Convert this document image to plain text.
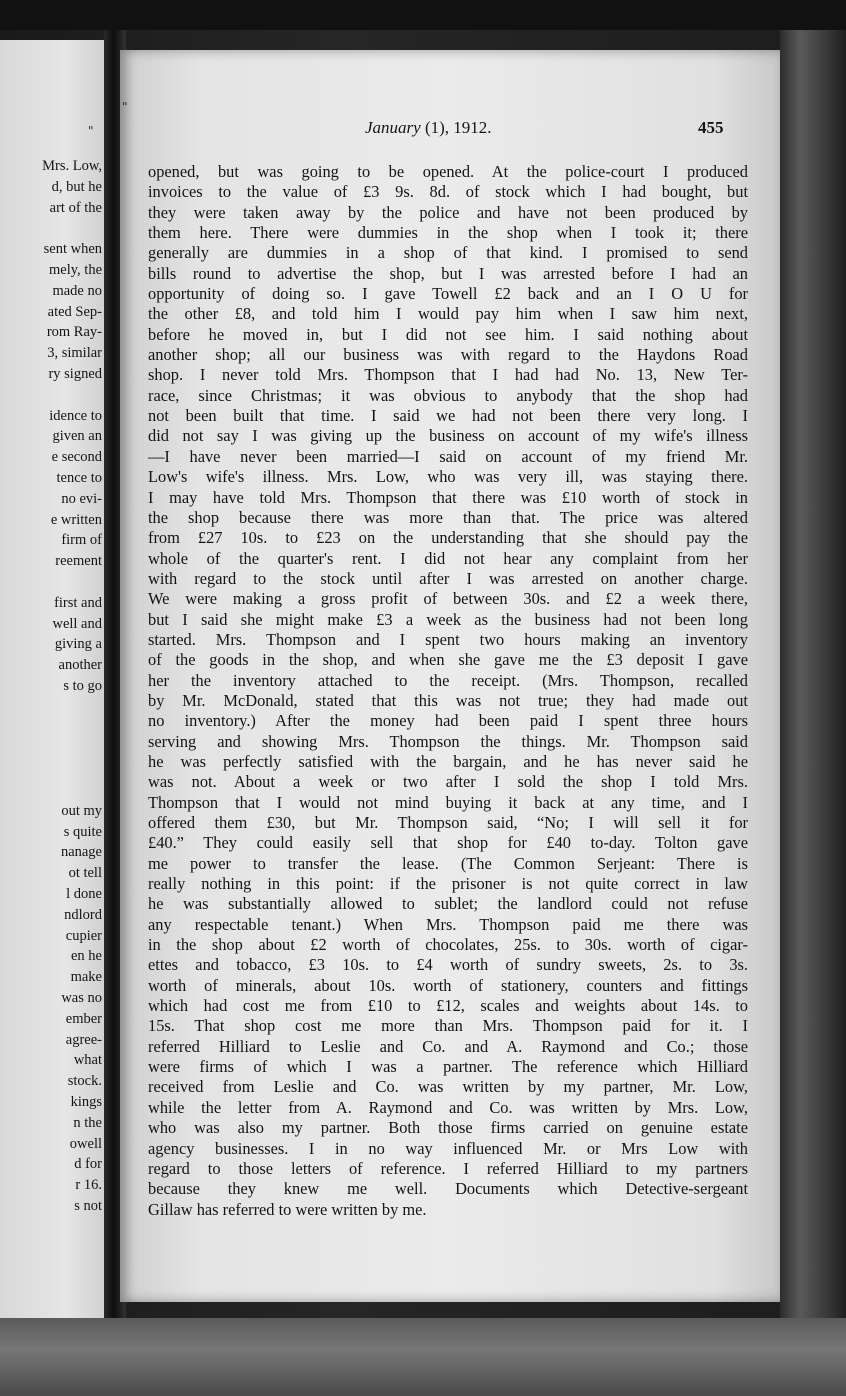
Mrs. Low,
d, but he
art of the
sent when
mely, the
made no
ated Sep-
rom Ray-
3, similar
ry signed
idence to
given an
e second
tence to
no evi-
e written
firm of
reement
first and
well and
giving a
another
s to go
out my
s quite
nanage
ot tell
l done
ndlord
cupier
en he
make
was no
ember
agree-
what
stock.
kings
n the
owell
d for
r 16.
s not
January (1), 1912.	455
opened, but was going to be opened. At the police-court I produced
invoices to the value of £3 9s. 8d. of stock which I had bought, but
they were taken away by the police and have not been produced by
them here. There were dummies in the shop when I took it; there
generally are dummies in a shop of that kind. I promised to send
bills round to advertise the shop, but I was arrested before I had an
opportunity of doing so. I gave Towell £2 back and an I O U for
the other £8, and told him I would pay him when I saw him next,
before he moved in, but I did not see him. I said nothing about
another shop; all our business was with regard to the Haydons Road
shop. I never told Mrs. Thompson that I had had No. 13, New Ter-
race, since Christmas; it was obvious to anybody that the shop had
not been built that time. I said we had not been there very long. I
did not say I was giving up the business on account of my wife's illness
—I have never been married—I said on account of my friend Mr.
Low's wife's illness. Mrs. Low, who was very ill, was staying there.
I may have told Mrs. Thompson that there was £10 worth of stock in
the shop because there was more than that. The price was altered
from £27 10s. to £23 on the understanding that she should pay the
whole of the quarter's rent. I did not hear any complaint from her
with regard to the stock until after I was arrested on another charge.
We were making a gross profit of between 30s. and £2 a week there,
but I said she might make £3 a week as the business had not been long
started. Mrs. Thompson and I spent two hours making an inventory
of the goods in the shop, and when she gave me the £3 deposit I gave
her the inventory attached to the receipt. (Mrs. Thompson, recalled
by Mr. McDonald, stated that this was not true; they had made out
no inventory.) After the money had been paid I spent three hours
serving and showing Mrs. Thompson the things. Mr. Thompson said
he was perfectly satisfied with the bargain, and he has never said he
was not. About a week or two after I sold the shop I told Mrs.
Thompson that I would not mind buying it back at any time, and I
offered them £30, but Mr. Thompson said, “No; I will sell it for
£40.” They could easily sell that shop for £40 to-day. Tolton gave
me power to transfer the lease. (The Common Serjeant: There is
really nothing in this point: if the prisoner is not quite correct in law
he was substantially allowed to sublet; the landlord could not refuse
any respectable tenant.) When Mrs. Thompson paid me there was
in the shop about £2 worth of chocolates, 25s. to 30s. worth of cigar-
ettes and tobacco, £3 10s. to £4 worth of sundry sweets, 2s. to 3s.
worth of minerals, about 10s. worth of stationery, counters and fittings
which had cost me from £10 to £12, scales and weights about 14s. to
15s. That shop cost me more than Mrs. Thompson paid for it. I
referred Hilliard to Leslie and Co. and A. Raymond and Co.; those
were firms of which I was a partner. The reference which Hilliard
received from Leslie and Co. was written by my partner, Mr. Low,
while the letter from A. Raymond and Co. was written by Mrs. Low,
who was also my partner. Both those firms carried on genuine estate
agency businesses. I in no way influenced Mr. or Mrs Low with
regard to those letters of reference. I referred Hilliard to my partners
because they knew me well. Documents which Detective-sergeant
Gillaw has referred to were written by me.
"
"
